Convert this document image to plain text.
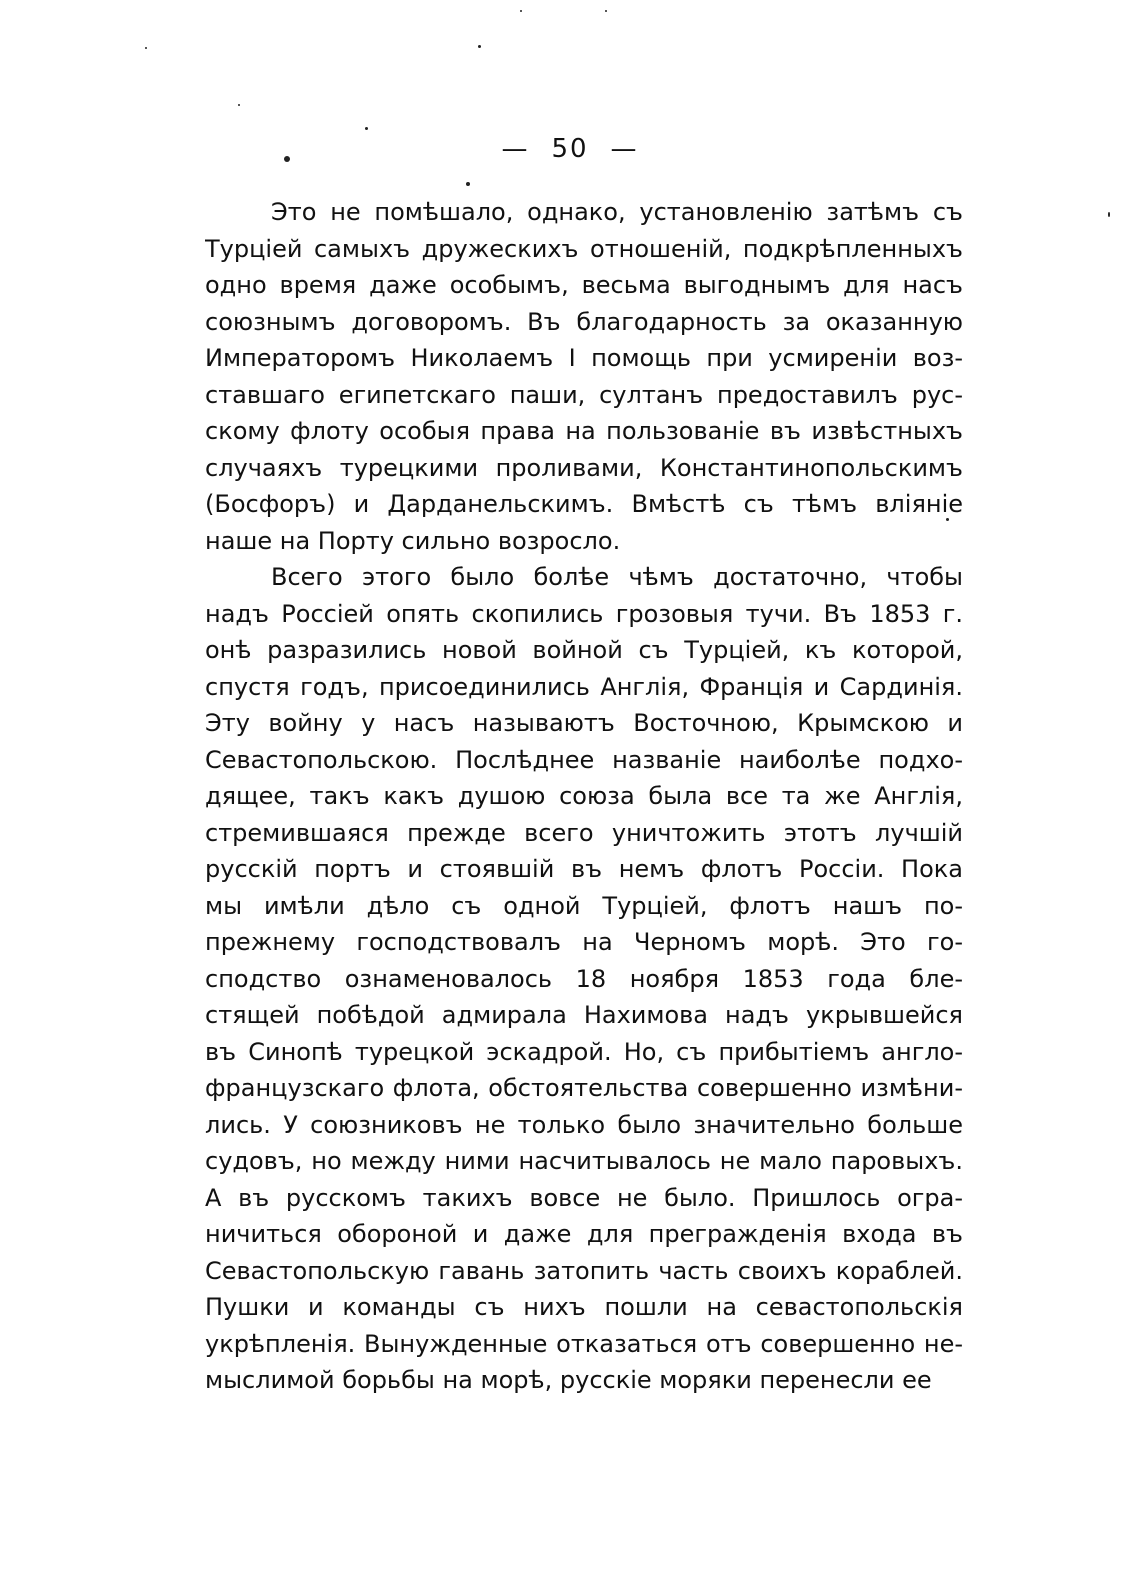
— 50 —
Это не помѣшало, однако, установленію затѣмъ съ
Турціей самыхъ дружескихъ отношеній, подкрѣпленныхъ
одно время даже особымъ, весьма выгоднымъ для насъ
союзнымъ договоромъ. Въ благодарность за оказанную
Императоромъ Николаемъ I помощь при усмиреніи воз-
ставшаго египетскаго паши, султанъ предоставилъ рус-
скому флоту особыя права на пользованіе въ извѣстныхъ
случаяхъ турецкими проливами, Константинопольскимъ
(Босфоръ) и Дарданельскимъ. Вмѣстѣ съ тѣмъ вліяніе
наше на Порту сильно возросло.
Всего этого было болѣе чѣмъ достаточно, чтобы
надъ Россіей опять скопились грозовыя тучи. Въ 1853 г.
онѣ разразились новой войной съ Турціей, къ которой,
спустя годъ, присоединились Англія, Франція и Сардинія.
Эту войну у насъ называютъ Восточною, Крымскою и
Севастопольскою. Послѣднее названіе наиболѣе подхо-
дящее, такъ какъ душою союза была все та же Англія,
стремившаяся прежде всего уничтожить этотъ лучшій
русскій портъ и стоявшій въ немъ флотъ Россіи. Пока
мы имѣли дѣло съ одной Турціей, флотъ нашъ по-
прежнему господствовалъ на Черномъ морѣ. Это го-
сподство ознаменовалось 18 ноября 1853 года бле-
стящей побѣдой адмирала Нахимова надъ укрывшейся
въ Синопѣ турецкой эскадрой. Но, съ прибытіемъ англо-
французскаго флота, обстоятельства совершенно измѣни-
лись. У союзниковъ не только было значительно больше
судовъ, но между ними насчитывалось не мало паровыхъ.
А въ русскомъ такихъ вовсе не было. Пришлось огра-
ничиться обороной и даже для прегражденія входа въ
Севастопольскую гавань затопить часть своихъ кораблей.
Пушки и команды съ нихъ пошли на севастопольскія
укрѣпленія. Вынужденные отказаться отъ совершенно не-
мыслимой борьбы на морѣ, русскіе моряки перенесли ее
